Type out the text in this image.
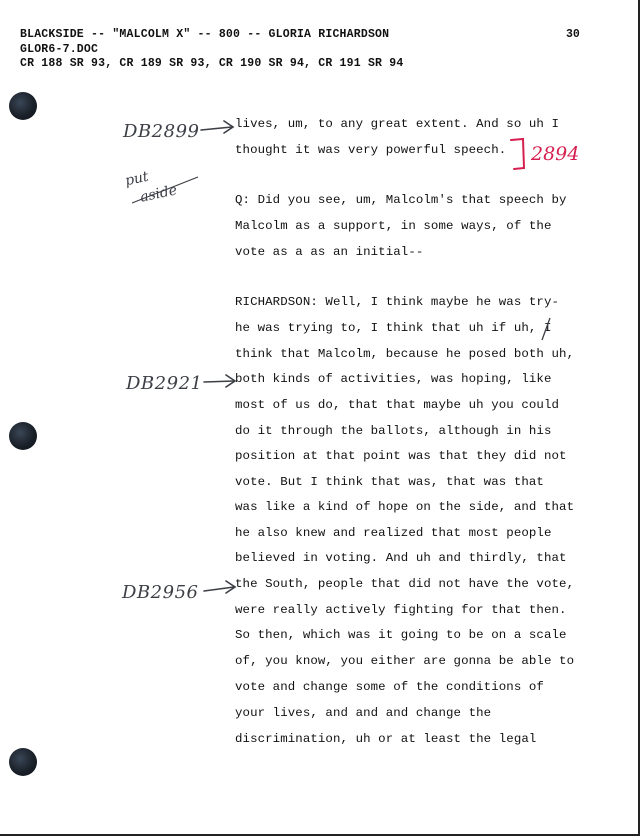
BLACKSIDE -- "MALCOLM X" -- 800 -- GLORIA RICHARDSON
GLOR6-7.DOC
CR 188 SR 93, CR 189 SR 93, CR 190 SR 94, CR 191 SR 94
30
lives, um, to any great extent. And so uh I
thought it was very powerful speech.
Q: Did you see, um, Malcolm's that speech by
Malcolm as a support, in some ways, of the
vote as a as an initial--
RICHARDSON: Well, I think maybe he was try-
he was trying to, I think that uh if uh, I
think that Malcolm, because he posed both uh,
both kinds of activities, was hoping, like
most of us do, that that maybe uh you could
do it through the ballots, although in his
position at that point was that they did not
vote. But I think that was, that was that
was like a kind of hope on the side, and that
he also knew and realized that most people
believed in voting. And uh and thirdly, that
the South, people that did not have the vote,
were really actively fighting for that then.
So then, which was it going to be on a scale
of, you know, you either are gonna be able to
vote and change some of the conditions of
your lives, and and and change the
discrimination, uh or at least the legal
DB2899
put
aside
DB2921
DB2956
2894
